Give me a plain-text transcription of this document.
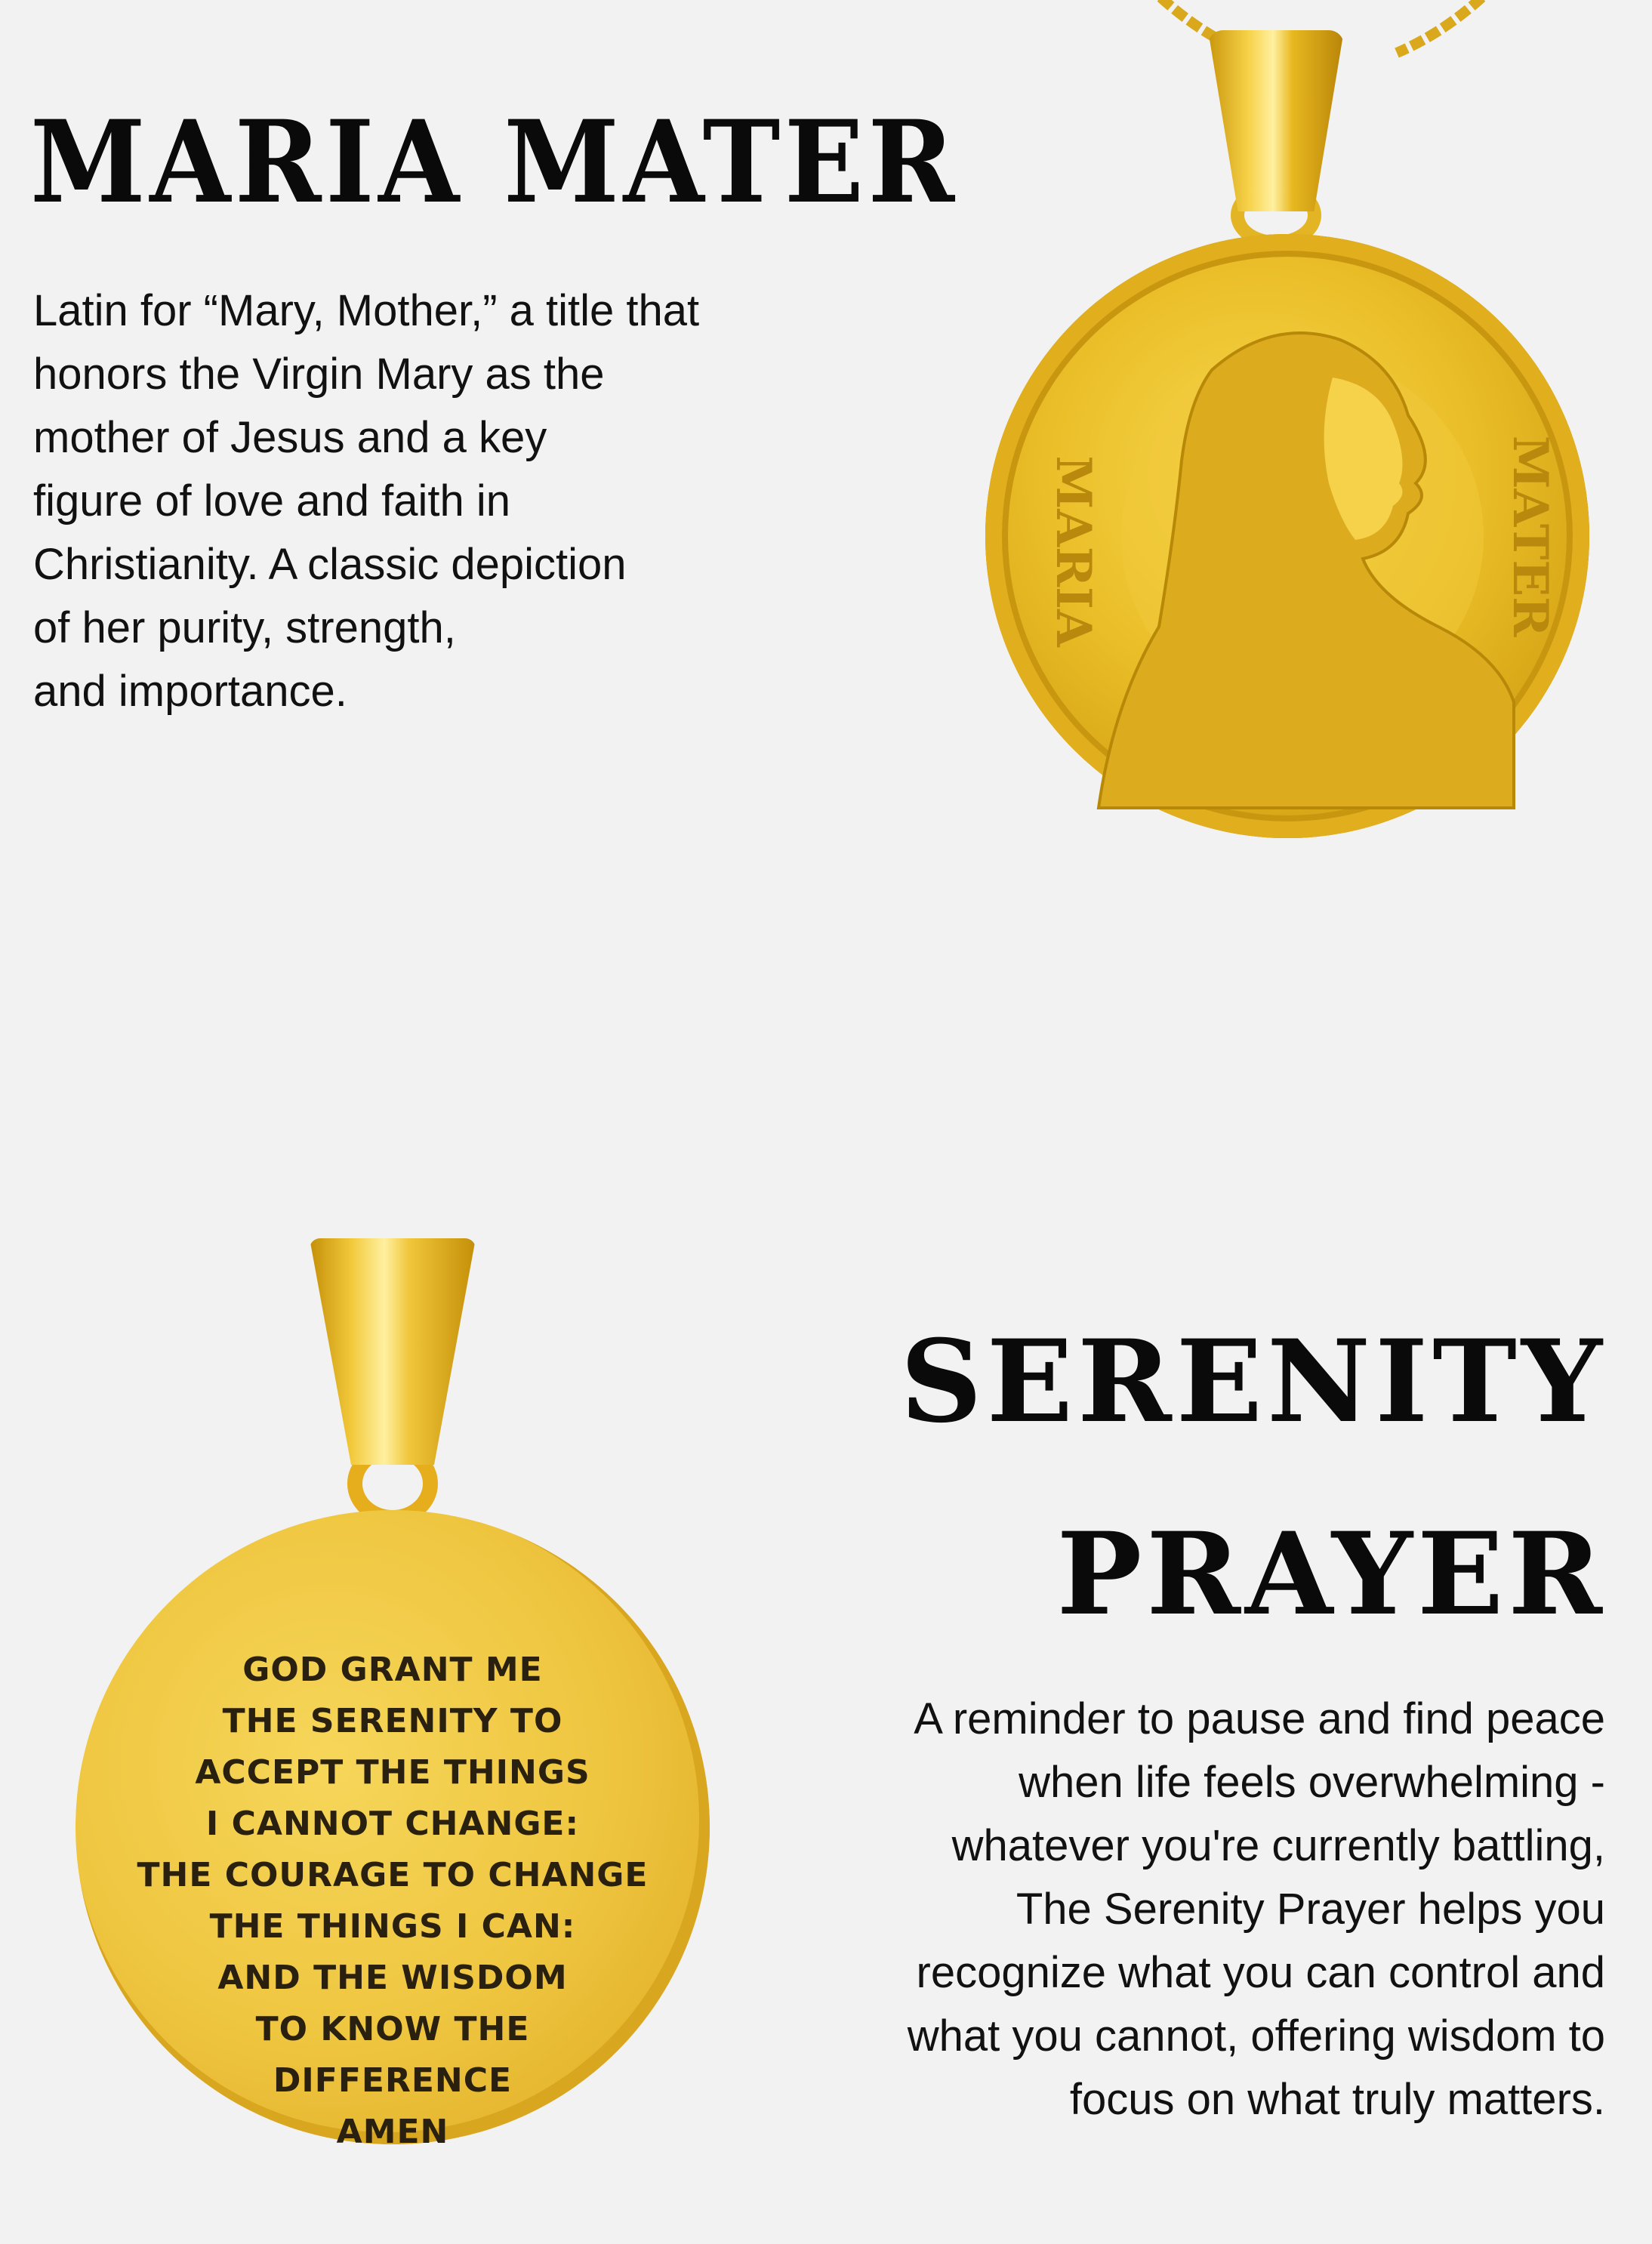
MARIA MATER
Latin for “Mary, Mother,” a title that
honors the Virgin Mary as the
mother of Jesus and a key
figure of love and faith in
Christianity. A classic depiction
of her purity, strength,
and importance.
MARIA	MATER
GOD GRANT ME
THE SERENITY TO
ACCEPT THE THINGS
I CANNOT CHANGE:
THE COURAGE TO CHANGE
THE THINGS I CAN:
AND THE WISDOM
TO KNOW THE
DIFFERENCE
AMEN
SERENITY
PRAYER
A reminder to pause and find peace
when life feels overwhelming -
whatever you're currently battling,
The Serenity Prayer helps you
recognize what you can control and
what you cannot, offering wisdom to
focus on what truly matters.
